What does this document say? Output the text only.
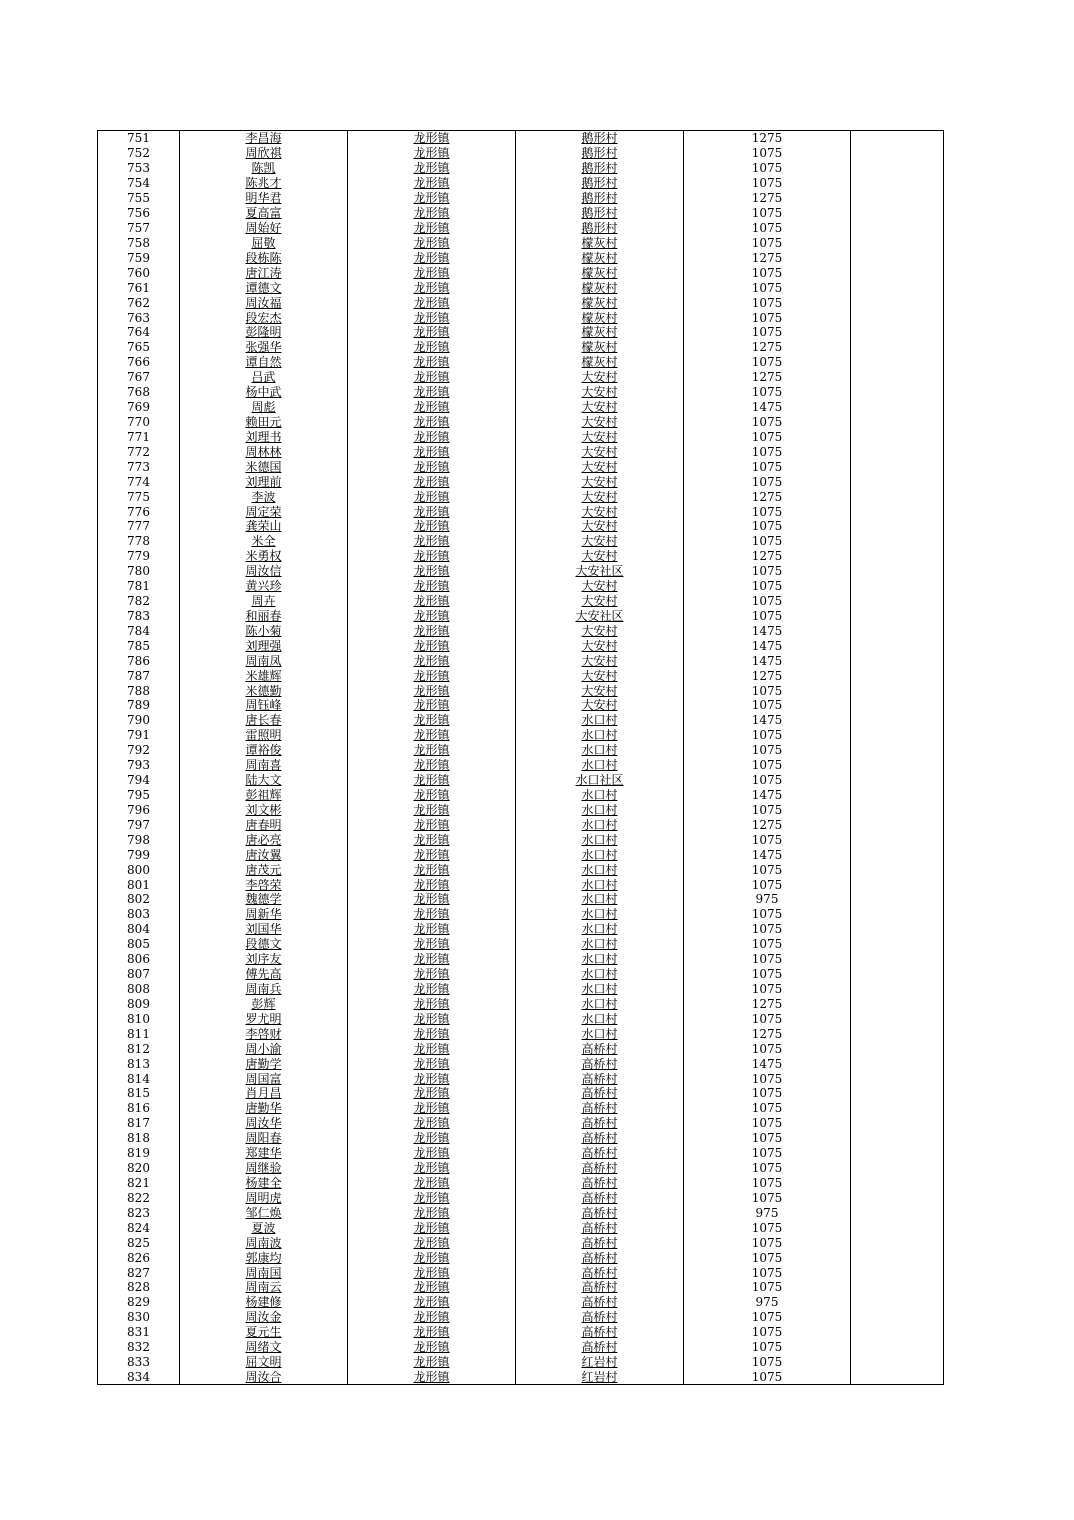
751	李昌海	龙形镇	鹅形村	1275	
752	周欣祺	龙形镇	鹅形村	1075	
753	陈凯	龙形镇	鹅形村	1075	
754	陈兆才	龙形镇	鹅形村	1075	
755	明华君	龙形镇	鹅形村	1275	
756	夏高富	龙形镇	鹅形村	1075	
757	周始好	龙形镇	鹅形村	1075	
758	屈敬	龙形镇	檬灰村	1075	
759	段栋陈	龙形镇	檬灰村	1275	
760	唐江涛	龙形镇	檬灰村	1075	
761	谭德文	龙形镇	檬灰村	1075	
762	周汝福	龙形镇	檬灰村	1075	
763	段宏杰	龙形镇	檬灰村	1075	
764	彭隆明	龙形镇	檬灰村	1075	
765	张强华	龙形镇	檬灰村	1275	
766	谭自然	龙形镇	檬灰村	1075	
767	吕武	龙形镇	大安村	1275	
768	杨中武	龙形镇	大安村	1075	
769	周彪	龙形镇	大安村	1475	
770	赖田元	龙形镇	大安村	1075	
771	刘理书	龙形镇	大安村	1075	
772	周林林	龙形镇	大安村	1075	
773	米德国	龙形镇	大安村	1075	
774	刘理前	龙形镇	大安村	1075	
775	李波	龙形镇	大安村	1275	
776	周定荣	龙形镇	大安村	1075	
777	龚荣山	龙形镇	大安村	1075	
778	米全	龙形镇	大安村	1075	
779	米勇权	龙形镇	大安村	1275	
780	周汝信	龙形镇	大安社区	1075	
781	黄兴珍	龙形镇	大安村	1075	
782	周卉	龙形镇	大安村	1075	
783	和丽春	龙形镇	大安社区	1075	
784	陈小菊	龙形镇	大安村	1475	
785	刘理强	龙形镇	大安村	1475	
786	周南凤	龙形镇	大安村	1475	
787	米雄辉	龙形镇	大安村	1275	
788	米德勤	龙形镇	大安村	1075	
789	周钰峰	龙形镇	大安村	1075	
790	唐长春	龙形镇	水口村	1475	
791	雷照明	龙形镇	水口村	1075	
792	谭裕俊	龙形镇	水口村	1075	
793	周南喜	龙形镇	水口村	1075	
794	陆大文	龙形镇	水口社区	1075	
795	彭祖辉	龙形镇	水口村	1475	
796	刘文彬	龙形镇	水口村	1075	
797	唐春明	龙形镇	水口村	1275	
798	唐必亮	龙形镇	水口村	1075	
799	唐汝翼	龙形镇	水口村	1475	
800	唐茂元	龙形镇	水口村	1075	
801	李啓荣	龙形镇	水口村	1075	
802	魏德学	龙形镇	水口村	975	
803	周新华	龙形镇	水口村	1075	
804	刘国华	龙形镇	水口村	1075	
805	段德文	龙形镇	水口村	1075	
806	刘序友	龙形镇	水口村	1075	
807	傅先高	龙形镇	水口村	1075	
808	周南兵	龙形镇	水口村	1075	
809	彭辉	龙形镇	水口村	1275	
810	罗尤明	龙形镇	水口村	1075	
811	李啓财	龙形镇	水口村	1275	
812	周小渝	龙形镇	高桥村	1075	
813	唐勤学	龙形镇	高桥村	1475	
814	周国富	龙形镇	高桥村	1075	
815	肖月昌	龙形镇	高桥村	1075	
816	唐勤华	龙形镇	高桥村	1075	
817	周汝华	龙形镇	高桥村	1075	
818	周阳春	龙形镇	高桥村	1075	
819	郑建华	龙形镇	高桥村	1075	
820	周继验	龙形镇	高桥村	1075	
821	杨建全	龙形镇	高桥村	1075	
822	周明虎	龙形镇	高桥村	1075	
823	邹仁焕	龙形镇	高桥村	975	
824	夏波	龙形镇	高桥村	1075	
825	周南波	龙形镇	高桥村	1075	
826	郭康均	龙形镇	高桥村	1075	
827	周南国	龙形镇	高桥村	1075	
828	周南云	龙形镇	高桥村	1075	
829	杨建修	龙形镇	高桥村	975	
830	周汝金	龙形镇	高桥村	1075	
831	夏元生	龙形镇	高桥村	1075	
832	周绪文	龙形镇	高桥村	1075	
833	屈文明	龙形镇	红岩村	1075	
834	周汝合	龙形镇	红岩村	1075	
